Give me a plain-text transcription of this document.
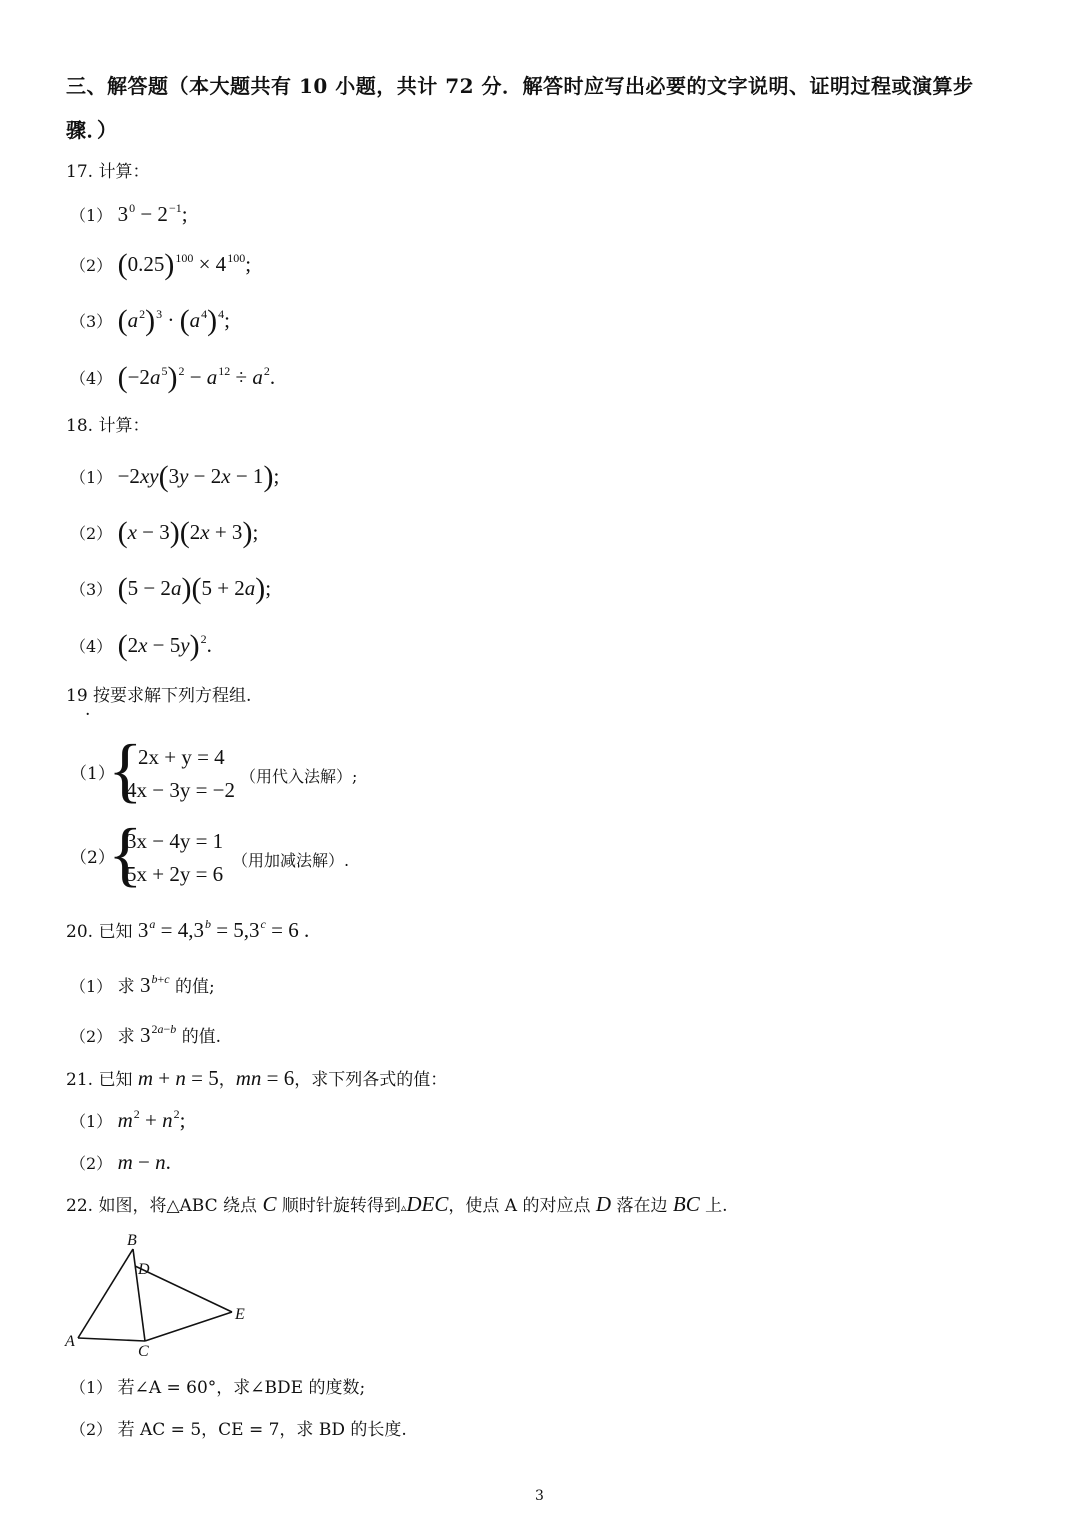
三、解答题（本大题共有 10 小题，共计 72 分．解答时应写出必要的文字说明、证明过程或演算步
骤．）
17. 计算：
（1） $3^0 - 2^{-1}$;
（2） $(0.25)^{100} \times 4^{100}$;
（3） $(a^2)^3 \cdot (a^4)^4$;
（4） $(-2a^5)^2 - a^{12} \div a^2$.
18. 计算：
（1） −2xy(3y − 2x − 1);
（2） (x − 3)(2x + 3);
（3） (5 − 2a)(5 + 2a);
（4） $(2x - 5y)^2$.
19 按要求解下列方程组.
.
（1）
{
2x + y = 4
4x − 3y = −2
（用代入法解）;
（2）
{
3x − 4y = 1
5x + 2y = 6
（用加减法解）.
20. 已知 $3^a = 4,3^b = 5,3^c = 6$ .
（1） 求 $3^{b+c}$ 的值;
（2） 求 $3^{2a-b}$ 的值.
21. 已知 m + n = 5，mn = 6，求下列各式的值：
（1） $m^2 + n^2$;
（2） m − n.
22. 如图，将△ABC 绕点 C 顺时针旋转得到▵DEC，使点 A 的对应点 D 落在边 BC 上.
B
D
E
A
C
（1） 若∠A = 60°，求∠BDE 的度数;
（2） 若 AC = 5，CE = 7，求 BD 的长度.
3
